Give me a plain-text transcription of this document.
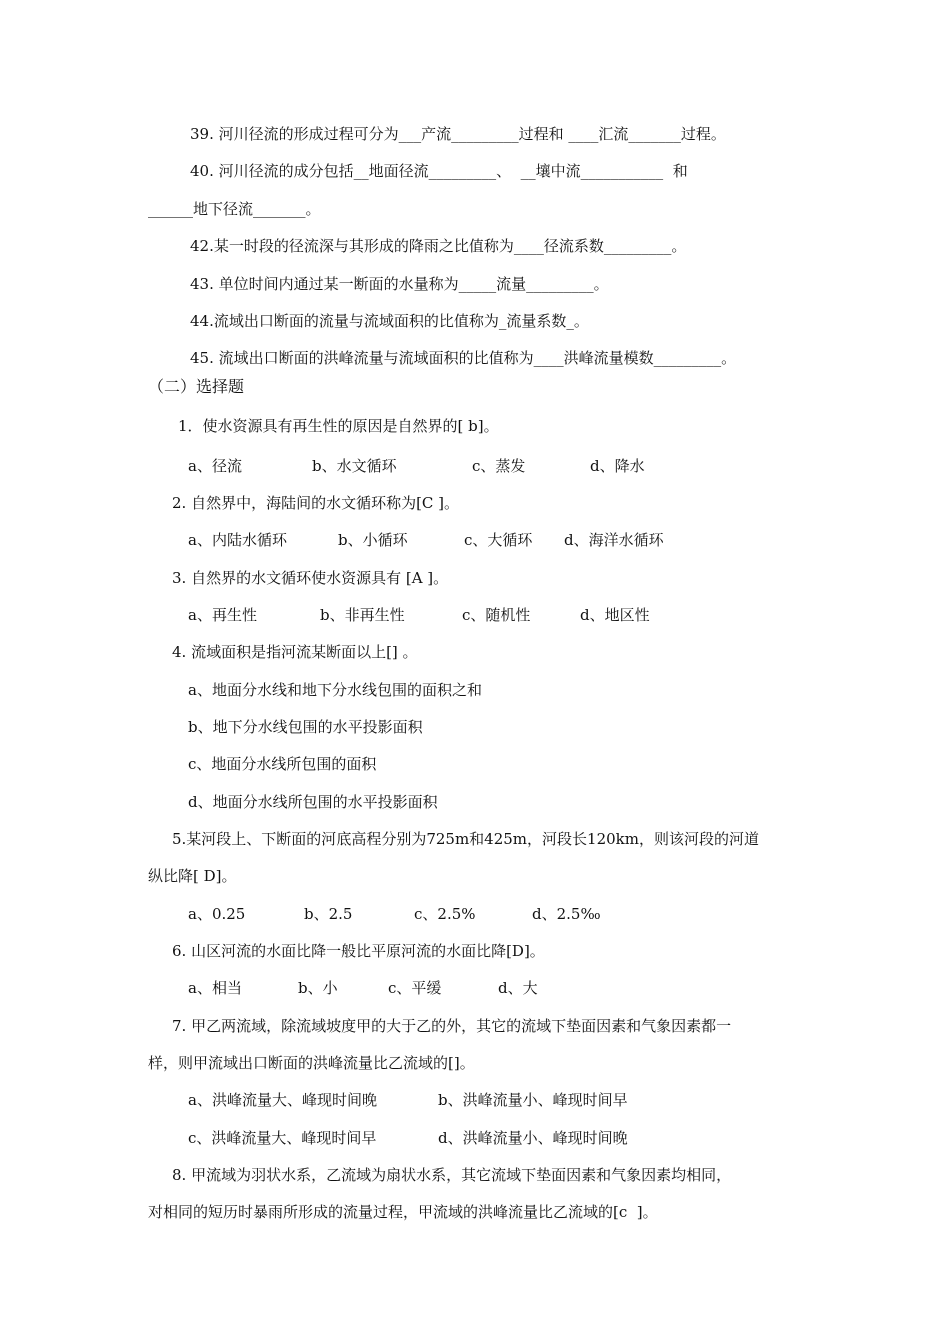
39. 河川径流的形成过程可分为___产流_________过程和 ____汇流_______过程。
40. 河川径流的成分包括__地面径流_________、  __壤中流___________  和
______地下径流_______。
42.某一时段的径流深与其形成的降雨之比值称为____径流系数_________。
43. 单位时间内通过某一断面的水量称为_____流量_________。
44.流域出口断面的流量与流域面积的比值称为_流量系数_。
45. 流域出口断面的洪峰流量与流域面积的比值称为____洪峰流量模数_________。
（二）选择题
1．使水资源具有再生性的原因是自然界的[ b]。
a、径流	b、水文循环	c、蒸发	d、降水
2. 自然界中，海陆间的水文循环称为[C ]。
a、内陆水循环	b、小循环	c、大循环 d、海洋水循环
3. 自然界的水文循环使水资源具有 [A ]。
a、再生性	b、非再生性	c、随机性	d、地区性
4. 流域面积是指河流某断面以上[] 。
a、地面分水线和地下分水线包围的面积之和
b、地下分水线包围的水平投影面积
c、地面分水线所包围的面积
d、地面分水线所包围的水平投影面积
5.某河段上、下断面的河底高程分别为725m和425m，河段长120km，则该河段的河道
纵比降[ D]。
a、0.25	b、2.5	c、2.5%	d、2.5‰
6. 山区河流的水面比降一般比平原河流的水面比降[D]。
a、相当	b、小	c、平缓	d、大
7. 甲乙两流域，除流域坡度甲的大于乙的外，其它的流域下垫面因素和气象因素都一
样，则甲流域出口断面的洪峰流量比乙流域的[]。
a、洪峰流量大、峰现时间晚	b、洪峰流量小、峰现时间早
c、洪峰流量大、峰现时间早	d、洪峰流量小、峰现时间晚
8. 甲流域为羽状水系，乙流域为扇状水系，其它流域下垫面因素和气象因素均相同，
对相同的短历时暴雨所形成的流量过程，甲流域的洪峰流量比乙流域的[c  ]。
